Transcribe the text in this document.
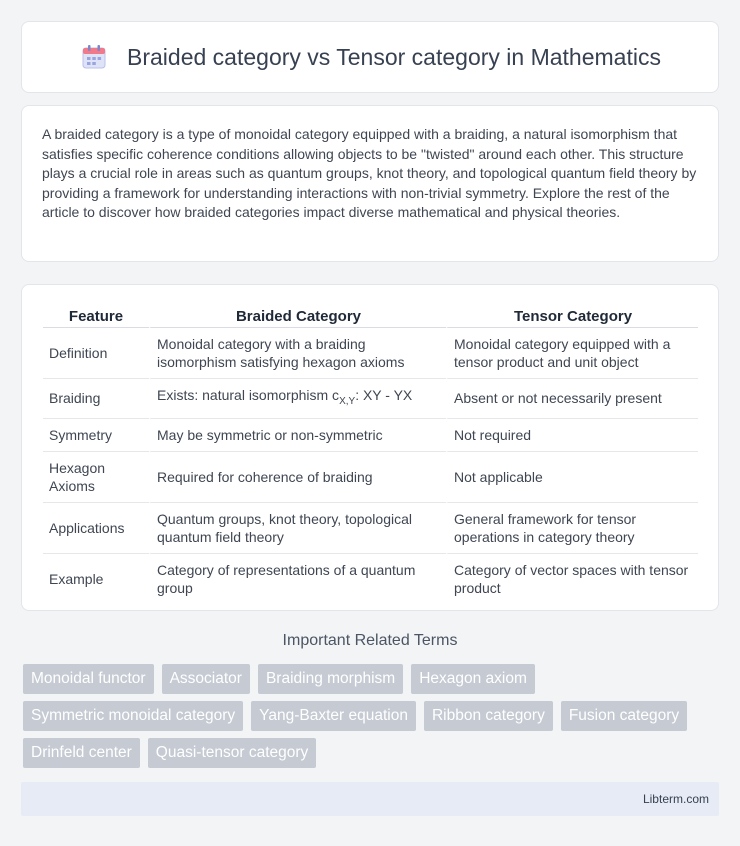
Braided category vs Tensor category in Mathematics

A braided category is a type of monoidal category equipped with a braiding, a natural isomorphism that satisfies specific coherence conditions allowing objects to be "twisted" around each other. This structure plays a crucial role in areas such as quantum groups, knot theory, and topological quantum field theory by providing a framework for understanding interactions with non-trivial symmetry. Explore the rest of the article to discover how braided categories impact diverse mathematical and physical theories.

Feature	Braided Category	Tensor Category
Definition	Monoidal category with a braiding isomorphism satisfying hexagon axioms	Monoidal category equipped with a tensor product and unit object
Braiding	Exists: natural isomorphism $c_{X,Y}$: XY - YX	Absent or not necessarily present
Symmetry	May be symmetric or non-symmetric	Not required
Hexagon Axioms	Required for coherence of braiding	Not applicable
Applications	Quantum groups, knot theory, topological quantum field theory	General framework for tensor operations in category theory
Example	Category of representations of a quantum group	Category of vector spaces with tensor product
Important Related Terms
Monoidal functor	Associator	Braiding morphism	Hexagon axiom
Symmetric monoidal category	Yang-Baxter equation	Ribbon category	Fusion category
Drinfeld center	Quasi-tensor category
Libterm.com
